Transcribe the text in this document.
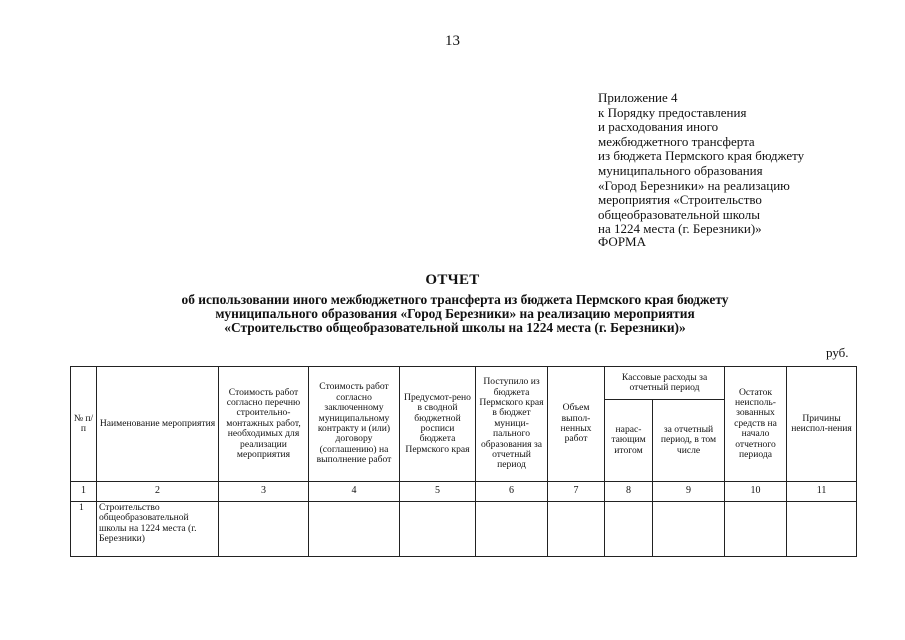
13
Приложение 4
к Порядку предоставления
и расходования иного
межбюджетного трансферта
из бюджета Пермского края бюджету
муниципального образования
«Город Березники» на реализацию
мероприятия «Строительство
общеобразовательной школы
на 1224 места (г. Березники)»
ФОРМА
ОТЧЕТ
об использовании иного межбюджетного трансферта из бюджета Пермского края бюджету
муниципального образования «Город Березники» на реализацию мероприятия
«Строительство общеобразовательной школы на 1224 места (г. Березники)»
руб.
№ п/п	Наименование мероприятия	Стоимость работ согласно перечню строительно-монтажных работ, необходимых для реализации мероприятия	Стоимость работ согласно заключенному муниципальному контракту и (или) договору (соглашению) на выполнение работ	Предусмот-рено в сводной бюджетной росписи бюджета Пермского края	Поступило из бюджета Пермского края в бюджет муници-пального образования за отчетный период	Объем выпол-ненных работ	Кассовые расходы за отчетный период		Остаток неисполь-зованных средств на начало отчетного периода	Причины неиспол-нения
							нарас-тающим итогом	за отчетный период, в том числе		
1	2	3	4	5	6	7	8	9	10	11
1	Строительство общеобразовательной школы на 1224 места (г. Березники)									
